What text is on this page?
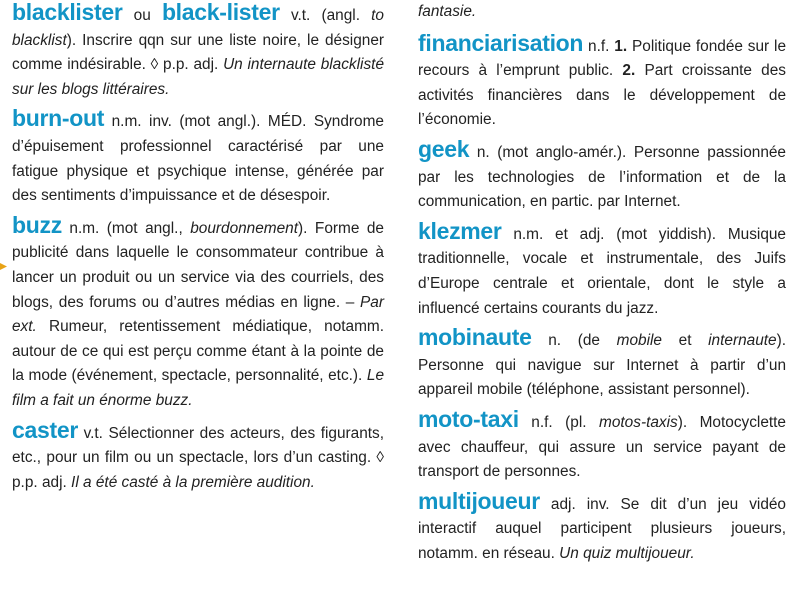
blacklister ou black-lister v.t. (angl. to blacklist). Inscrire qqn sur une liste noire, le désigner comme indésirable. ◊ p.p. adj. Un internaute blacklisté sur les blogs littéraires.

burn-out n.m. inv. (mot angl.). MÉD. Syndrome d’épuisement professionnel caractérisé par une fatigue physique et psychique intense, générée par des sentiments d’impuissance et de désespoir.

buzz n.m. (mot angl., bourdonnement). Forme de publicité dans laquelle le consommateur contribue à lancer un produit ou un service via des courriels, des blogs, des forums ou d’autres médias en ligne. – Par ext. Rumeur, retentissement médiatique, notamm. autour de ce qui est perçu comme étant à la pointe de la mode (événement, spectacle, personnalité, etc.). Le film a fait un énorme buzz.

caster v.t. Sélectionner des acteurs, des figurants, etc., pour un film ou un spectacle, lors d’un casting. ◊ p.p. adj. Il a été casté à la première audition.

fantasie.

financiarisation n.f. 1. Politique fondée sur le recours à l’emprunt public. 2. Part croissante des activités financières dans le développement de l’économie.

geek n. (mot anglo-amér.). Personne passionnée par les technologies de l’information et de la communication, en partic. par Internet.

klezmer n.m. et adj. (mot yiddish). Musique traditionnelle, vocale et instrumentale, des Juifs d’Europe centrale et orientale, dont le style a influencé certains courants du jazz.

mobinaute n. (de mobile et internaute). Personne qui navigue sur Internet à partir d’un appareil mobile (téléphone, assistant personnel).

moto-taxi n.f. (pl. motos-taxis). Motocyclette avec chauffeur, qui assure un service payant de transport de personnes.

multijoueur adj. inv. Se dit d’un jeu vidéo interactif auquel participent plusieurs joueurs, notamm. en réseau. Un quiz multijoueur.
